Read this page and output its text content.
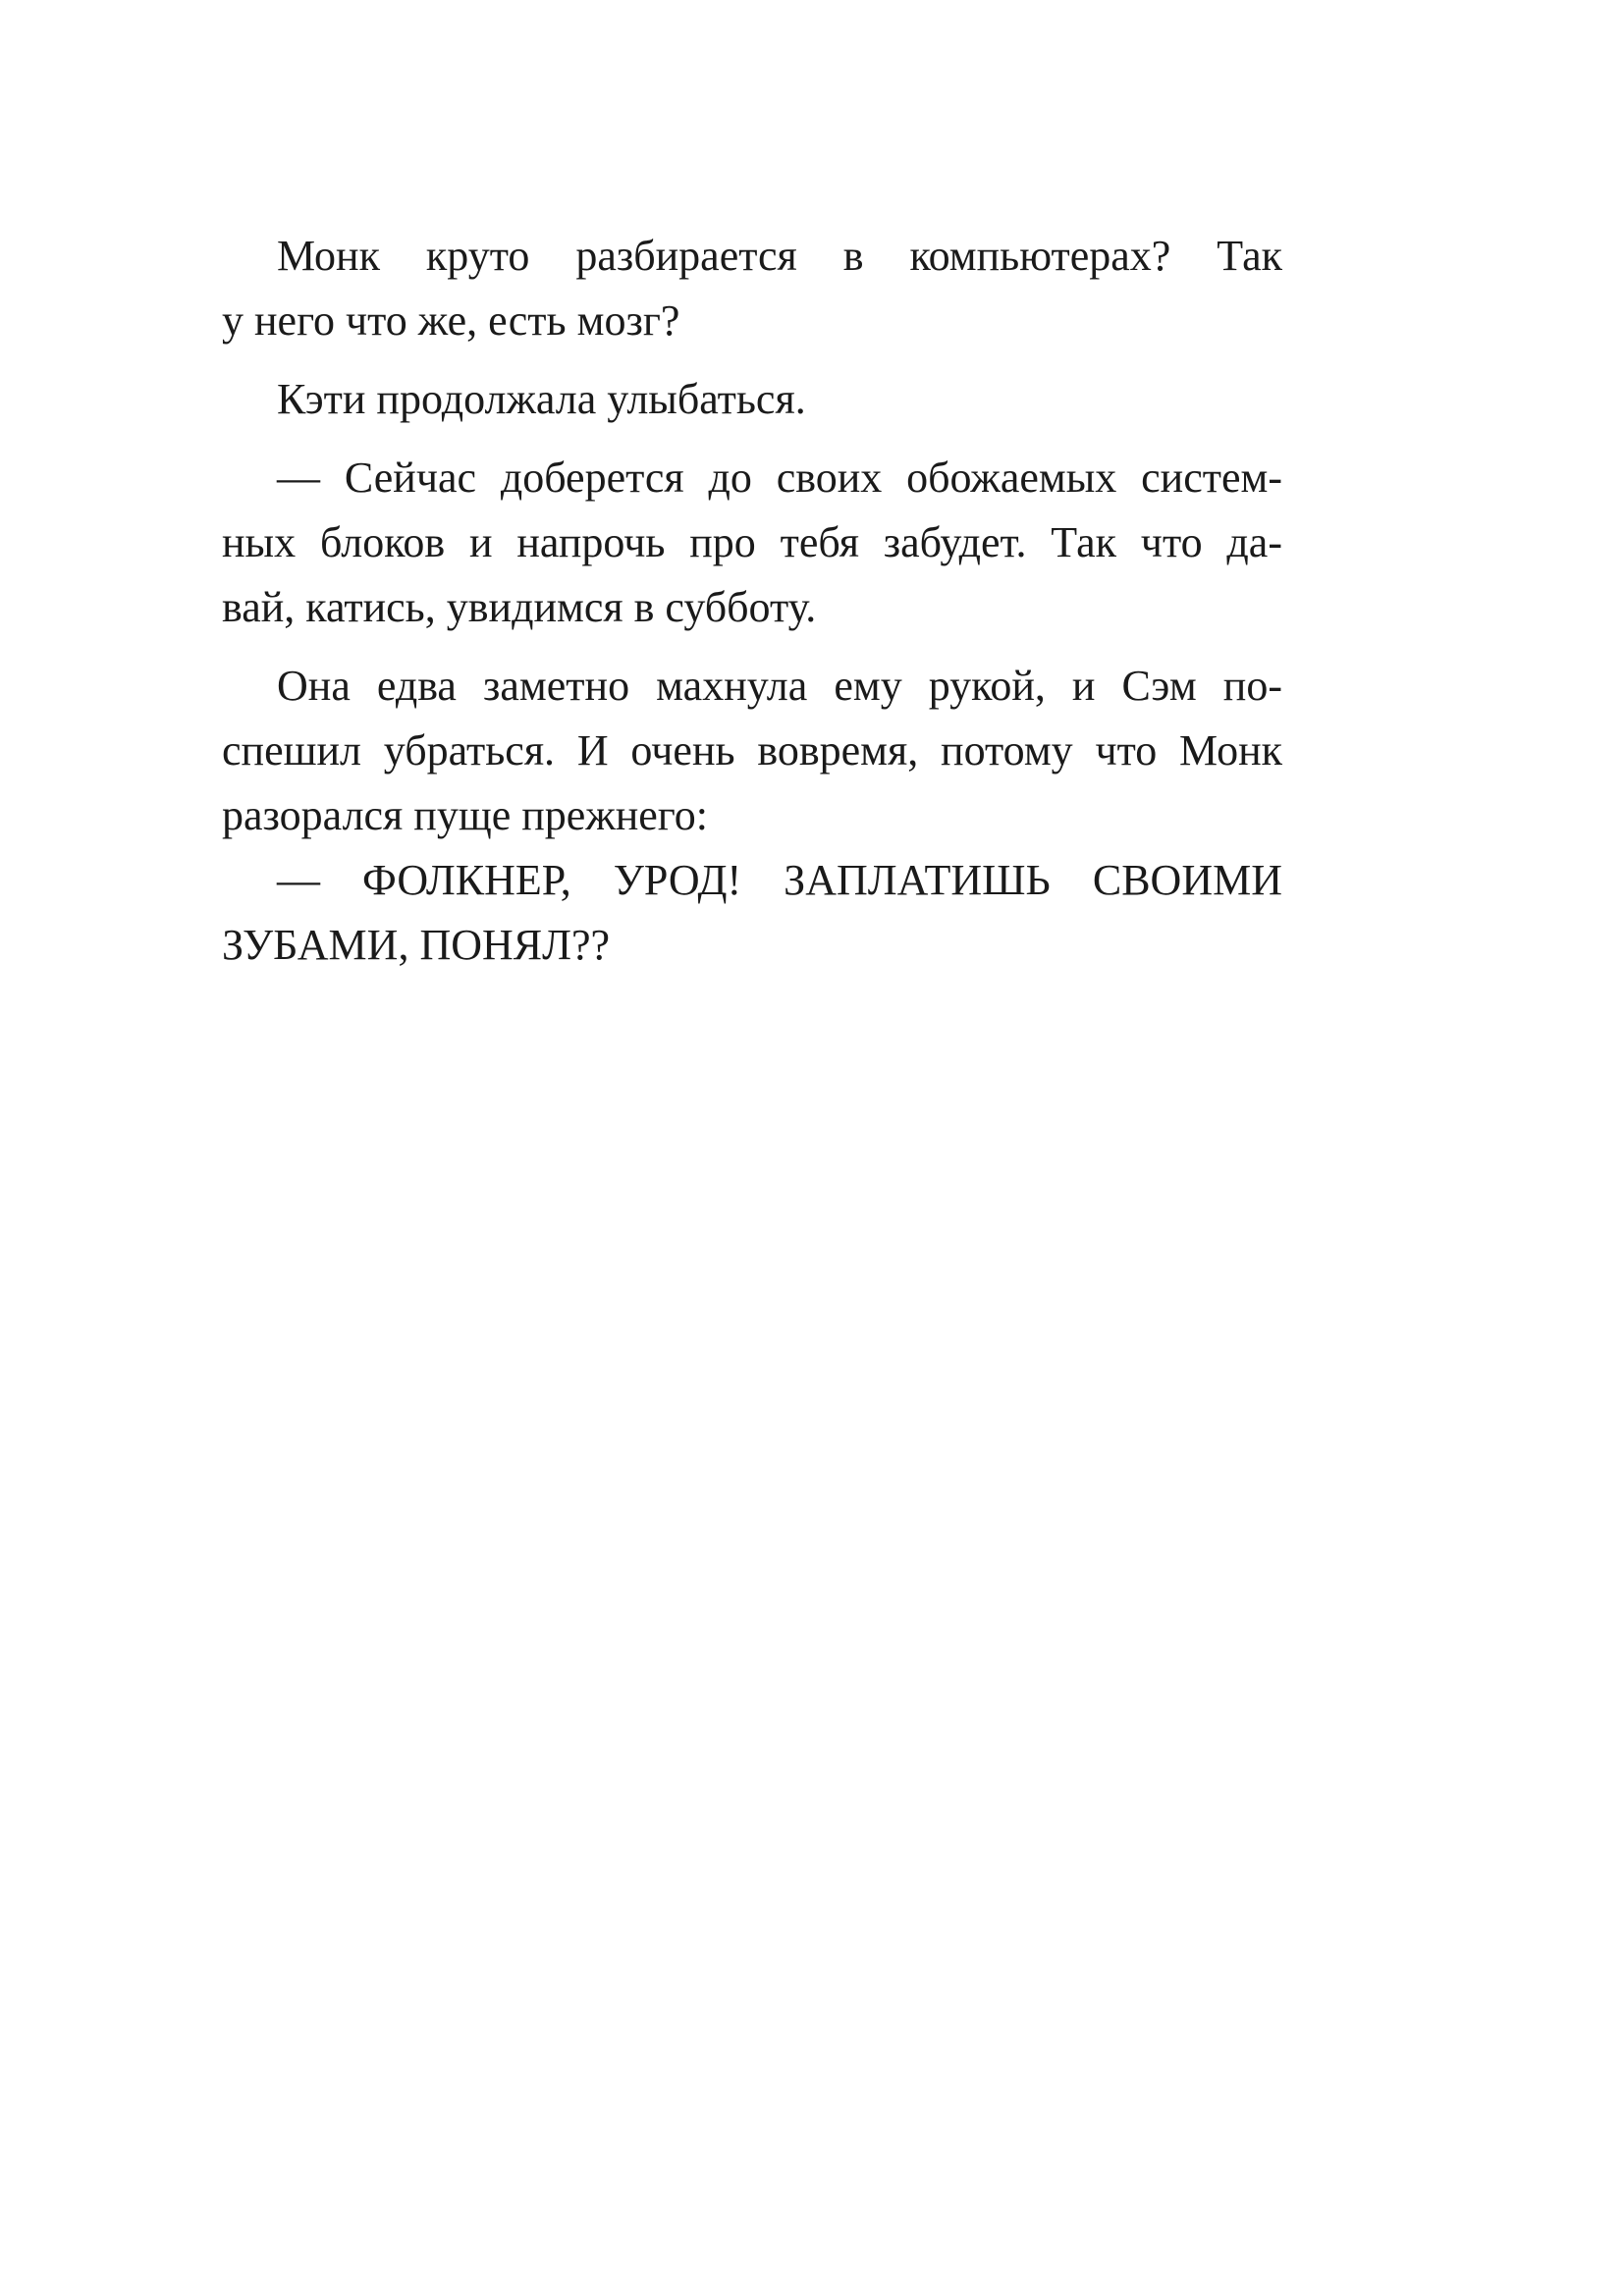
Монк круто разбирается в компьютерах? Так
у него что же, есть мозг?
Кэти продолжала улыбаться.
— Сейчас доберется до своих обожаемых систем-
ных блоков и напрочь про тебя забудет. Так что да-
вай, катись, увидимся в субботу.
Она едва заметно махнула ему рукой, и Сэм по-
спешил убраться. И очень вовремя, потому что Монк
разорался пуще прежнего:
— ФОЛКНЕР, УРОД! ЗАПЛАТИШЬ СВОИМИ
ЗУБАМИ, ПОНЯЛ??
